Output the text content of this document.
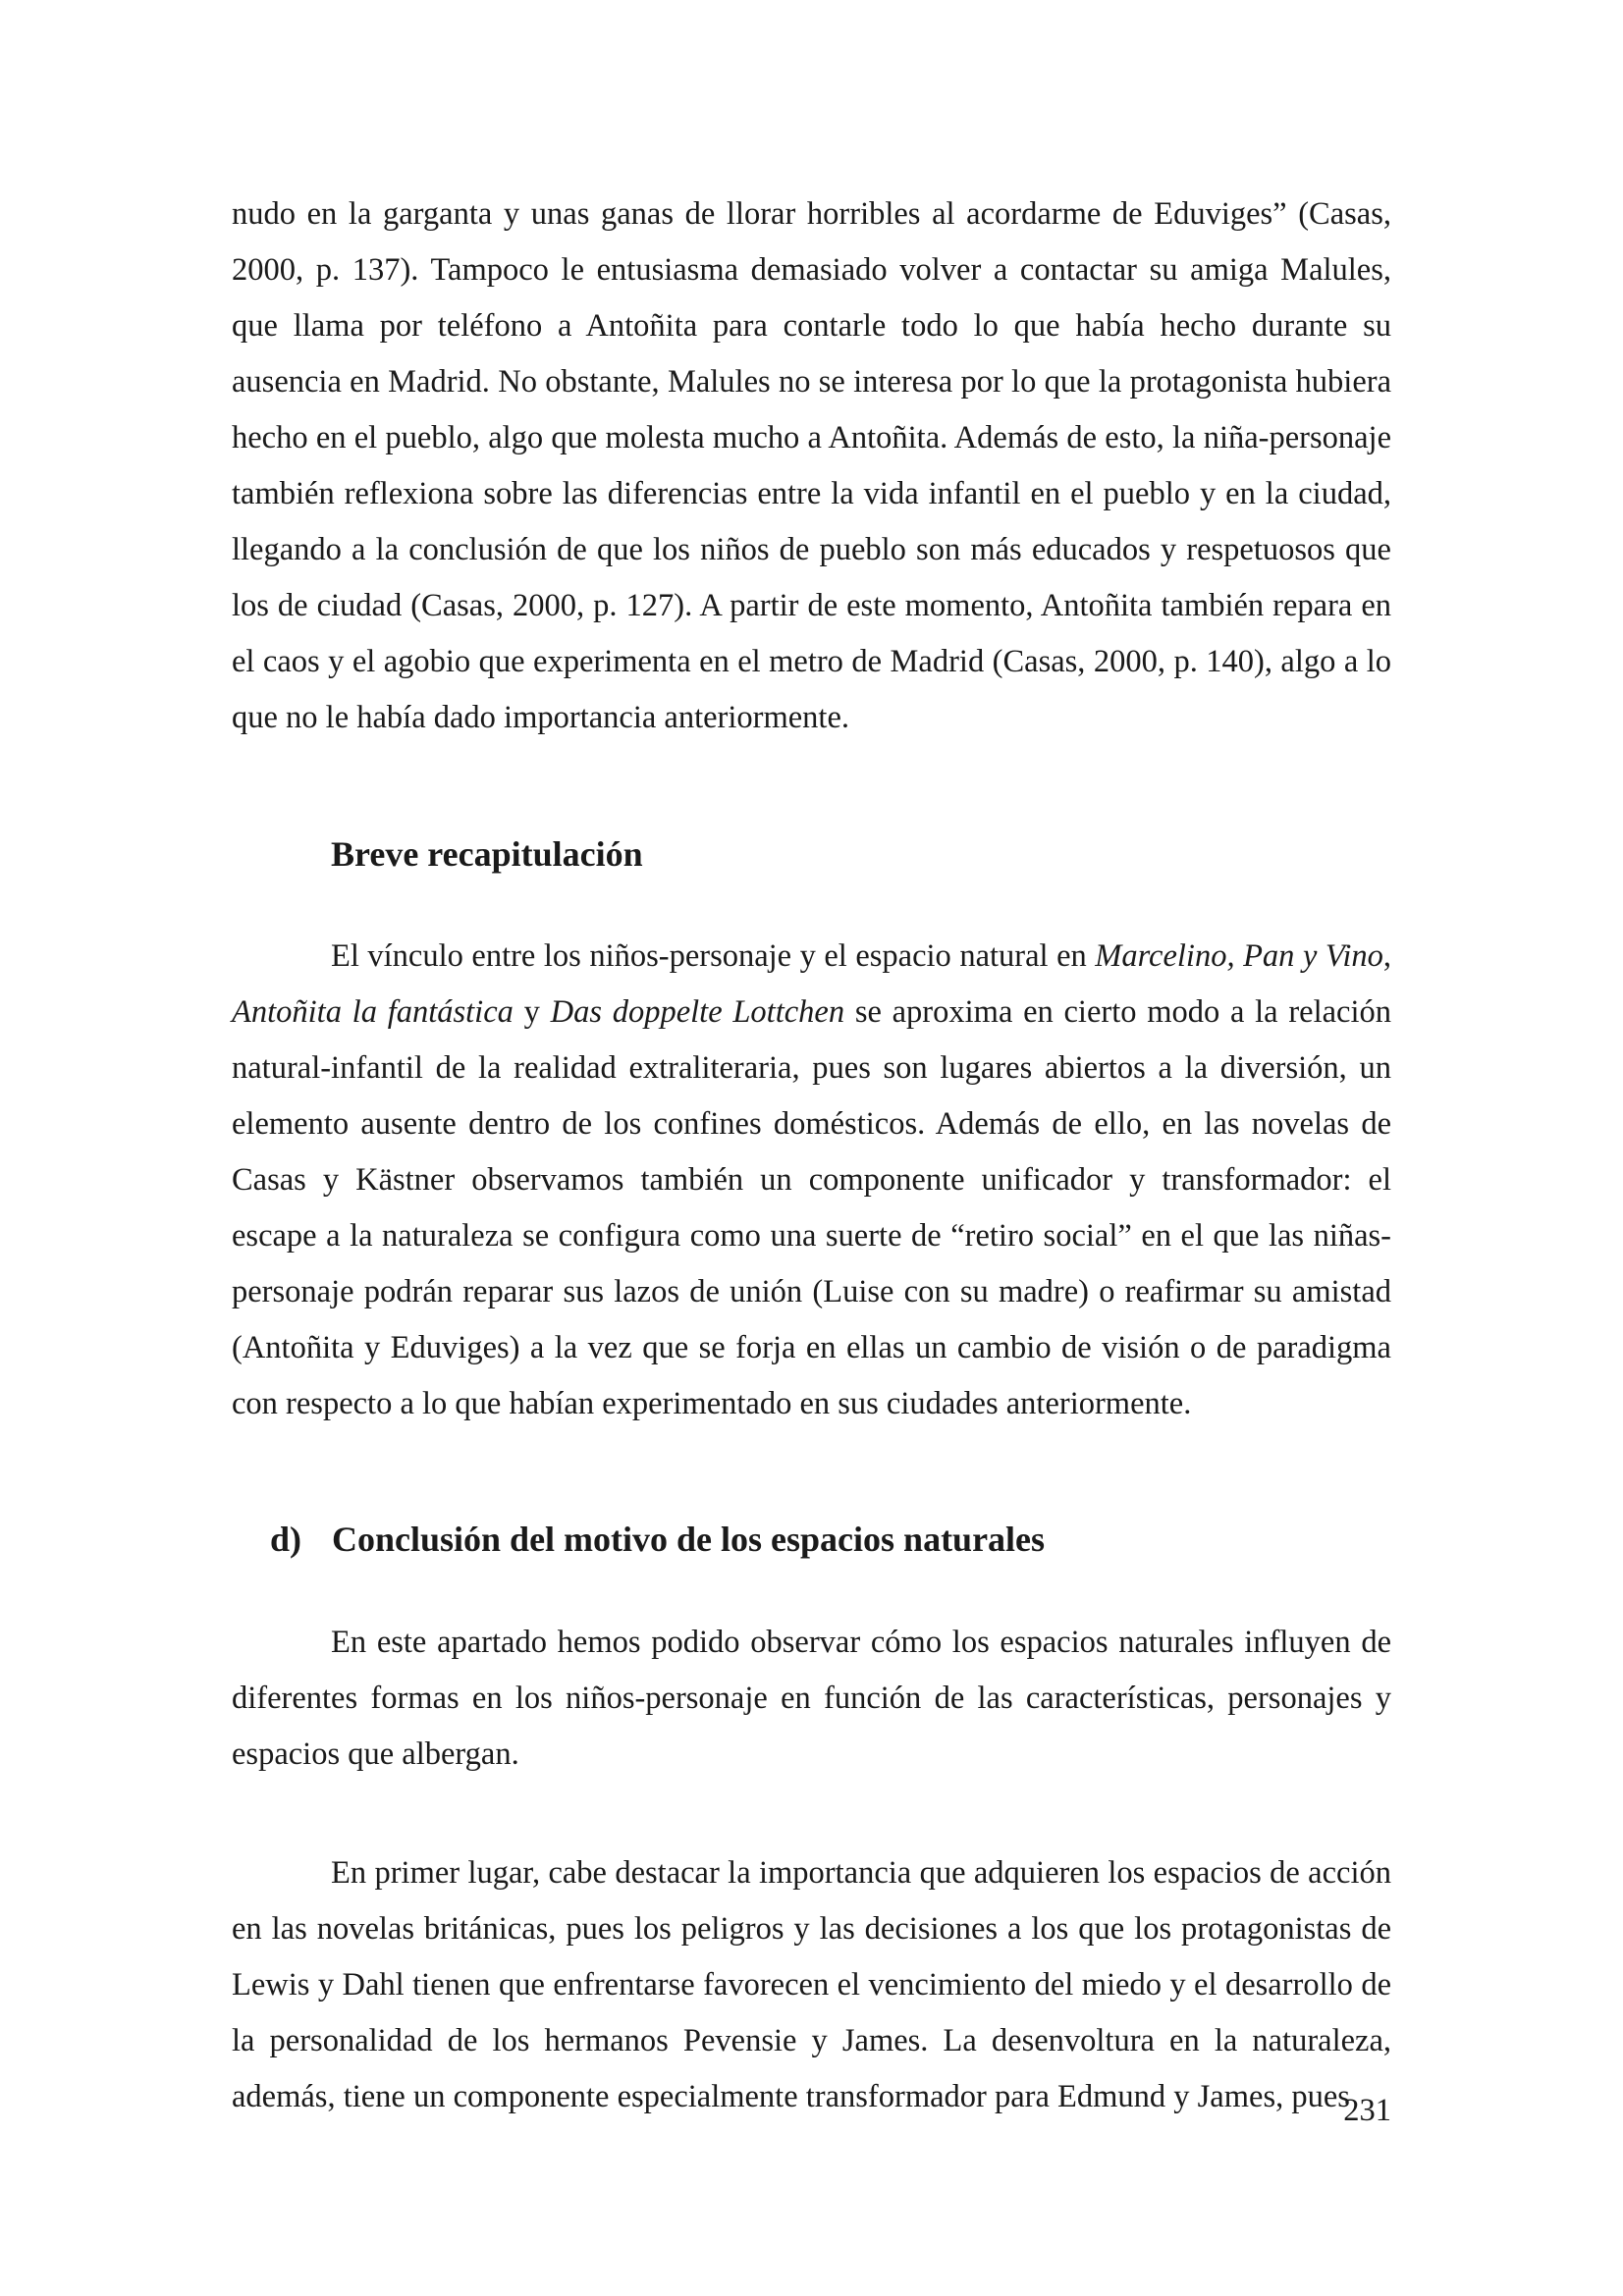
nudo en la garganta y unas ganas de llorar horribles al acordarme de Eduviges” (Casas, 2000, p. 137). Tampoco le entusiasma demasiado volver a contactar su amiga Malules, que llama por teléfono a Antoñita para contarle todo lo que había hecho durante su ausencia en Madrid. No obstante, Malules no se interesa por lo que la protagonista hubiera hecho en el pueblo, algo que molesta mucho a Antoñita. Además de esto, la niña-personaje también reflexiona sobre las diferencias entre la vida infantil en el pueblo y en la ciudad, llegando a la conclusión de que los niños de pueblo son más educados y respetuosos que los de ciudad (Casas, 2000, p. 127). A partir de este momento, Antoñita también repara en el caos y el agobio que experimenta en el metro de Madrid (Casas, 2000, p. 140), algo a lo que no le había dado importancia anteriormente.

Breve recapitulación

El vínculo entre los niños-personaje y el espacio natural en Marcelino, Pan y Vino, Antoñita la fantástica y Das doppelte Lottchen se aproxima en cierto modo a la relación natural-infantil de la realidad extraliteraria, pues son lugares abiertos a la diversión, un elemento ausente dentro de los confines domésticos. Además de ello, en las novelas de Casas y Kästner observamos también un componente unificador y transformador: el escape a la naturaleza se configura como una suerte de “retiro social” en el que las niñas-personaje podrán reparar sus lazos de unión (Luise con su madre) o reafirmar su amistad (Antoñita y Eduviges) a la vez que se forja en ellas un cambio de visión o de paradigma con respecto a lo que habían experimentado en sus ciudades anteriormente.

d) Conclusión del motivo de los espacios naturales

En este apartado hemos podido observar cómo los espacios naturales influyen de diferentes formas en los niños-personaje en función de las características, personajes y espacios que albergan.

En primer lugar, cabe destacar la importancia que adquieren los espacios de acción en las novelas británicas, pues los peligros y las decisiones a los que los protagonistas de Lewis y Dahl tienen que enfrentarse favorecen el vencimiento del miedo y el desarrollo de la personalidad de los hermanos Pevensie y James. La desenvoltura en la naturaleza, además, tiene un componente especialmente transformador para Edmund y James, pues

231
